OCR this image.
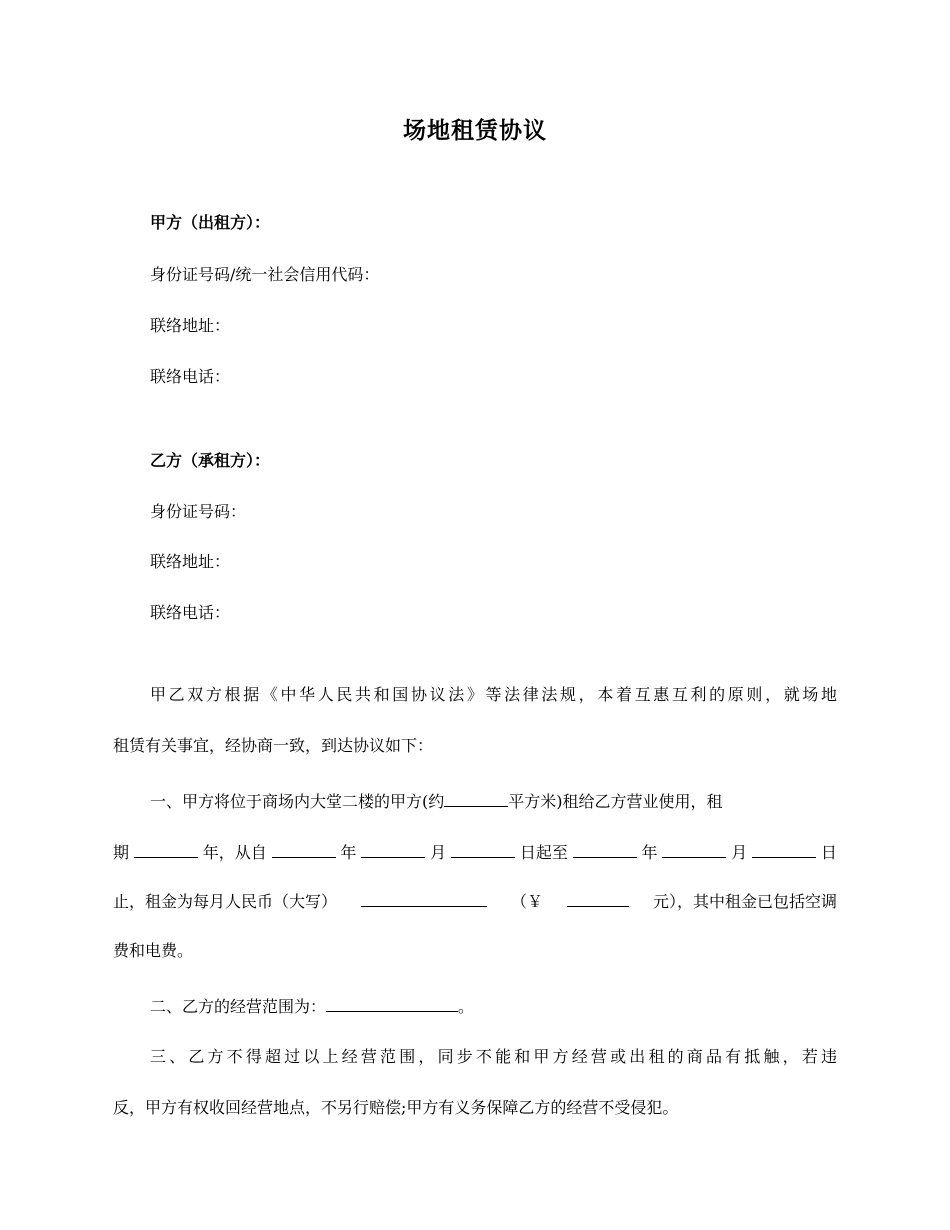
场地租赁协议
甲方（出租方）：
身份证号码/统一社会信用代码：
联络地址：
联络电话：
乙方（承租方）：
身份证号码：
联络地址：
联络电话：
甲乙双方根据《中华人民共和国协议法》等法律法规，本着互惠互利的原则，就场地
租赁有关事宜，经协商一致，到达协议如下：
一、甲方将位于商场内大堂二楼的甲方(约	平方米)租给乙方营业使用，租
期	年，从自	年	月	日起至	年	月	日
止，租金为每月人民币（大写）	（￥	元），其中租金已包括空调
费和电费。
二、乙方的经营范围为：	。
三、乙方不得超过以上经营范围，同步不能和甲方经营或出租的商品有抵触，若违
反，甲方有权收回经营地点，不另行赔偿;甲方有义务保障乙方的经营不受侵犯。
